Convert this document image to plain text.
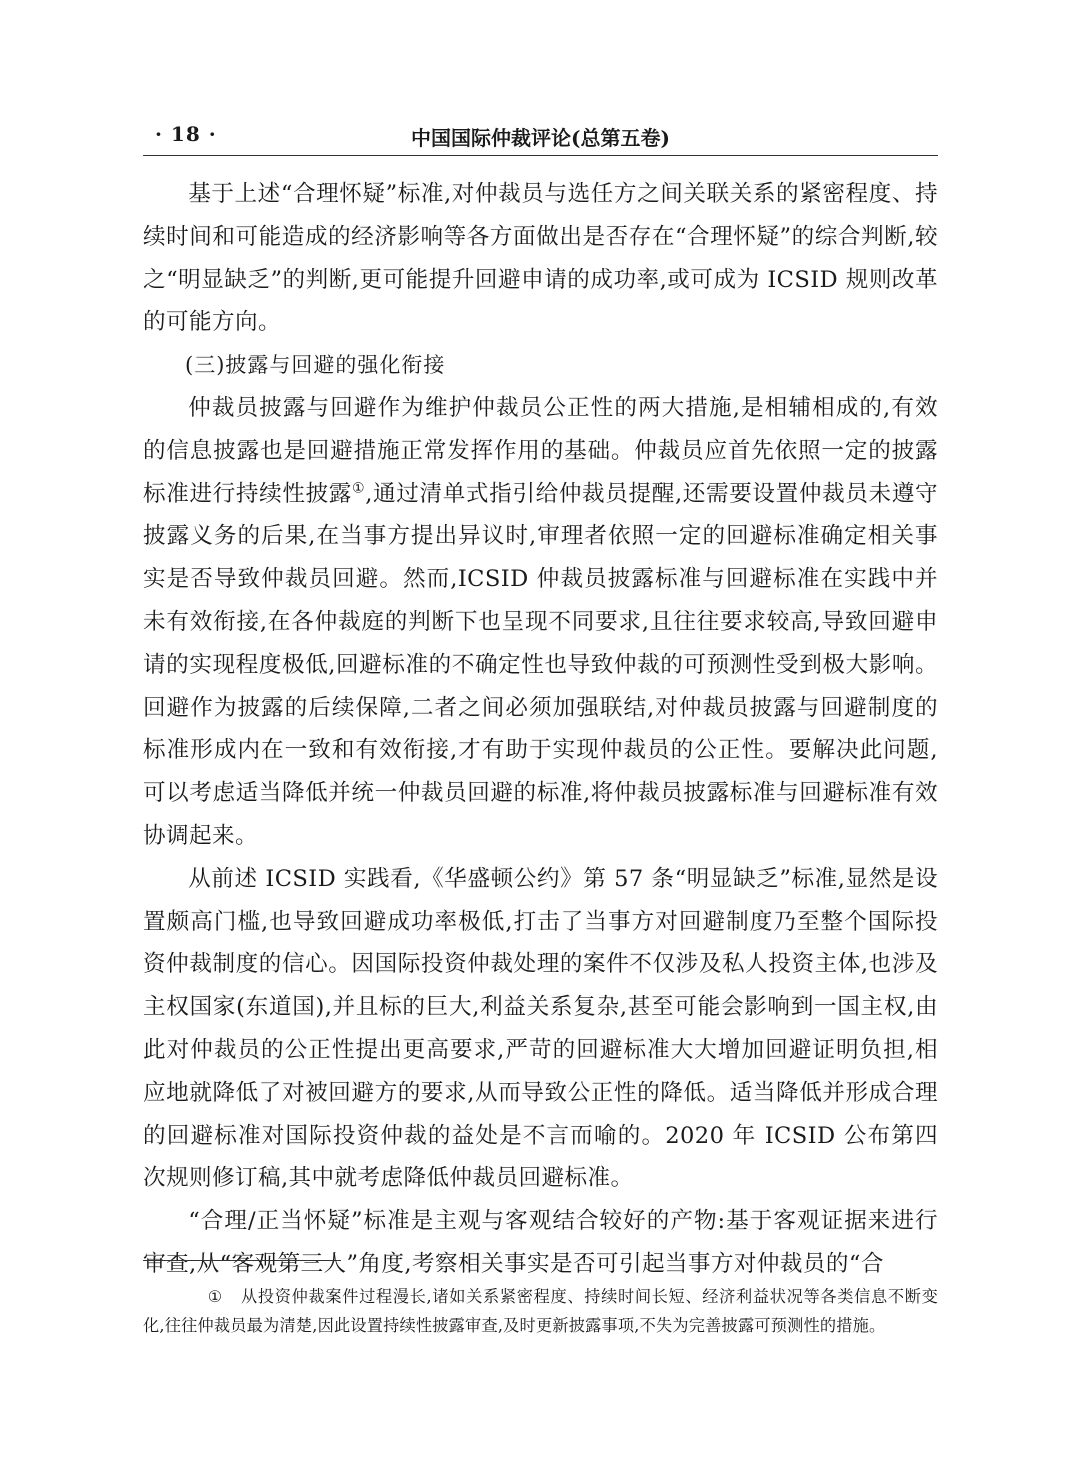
· 18 ·	中国国际仲裁评论(总第五卷)

基于上述“合理怀疑”标准,对仲裁员与选任方之间关联关系的紧密程度、持续时间和可能造成的经济影响等各方面做出是否存在“合理怀疑”的综合判断,较之“明显缺乏”的判断,更可能提升回避申请的成功率,或可成为 ICSID 规则改革的可能方向。

(三)披露与回避的强化衔接

仲裁员披露与回避作为维护仲裁员公正性的两大措施,是相辅相成的,有效的信息披露也是回避措施正常发挥作用的基础。仲裁员应首先依照一定的披露标准进行持续性披露①,通过清单式指引给仲裁员提醒,还需要设置仲裁员未遵守披露义务的后果,在当事方提出异议时,审理者依照一定的回避标准确定相关事实是否导致仲裁员回避。然而,ICSID 仲裁员披露标准与回避标准在实践中并未有效衔接,在各仲裁庭的判断下也呈现不同要求,且往往要求较高,导致回避申请的实现程度极低,回避标准的不确定性也导致仲裁的可预测性受到极大影响。回避作为披露的后续保障,二者之间必须加强联结,对仲裁员披露与回避制度的标准形成内在一致和有效衔接,才有助于实现仲裁员的公正性。要解决此问题,可以考虑适当降低并统一仲裁员回避的标准,将仲裁员披露标准与回避标准有效协调起来。

从前述 ICSID 实践看,《华盛顿公约》第 57 条“明显缺乏”标准,显然是设置颇高门槛,也导致回避成功率极低,打击了当事方对回避制度乃至整个国际投资仲裁制度的信心。因国际投资仲裁处理的案件不仅涉及私人投资主体,也涉及主权国家(东道国),并且标的巨大,利益关系复杂,甚至可能会影响到一国主权,由此对仲裁员的公正性提出更高要求,严苛的回避标准大大增加回避证明负担,相应地就降低了对被回避方的要求,从而导致公正性的降低。适当降低并形成合理的回避标准对国际投资仲裁的益处是不言而喻的。2020 年 ICSID 公布第四次规则修订稿,其中就考虑降低仲裁员回避标准。

“合理/正当怀疑”标准是主观与客观结合较好的产物:基于客观证据来进行审查,从“客观第三人”角度,考察相关事实是否可引起当事方对仲裁员的“合

① 从投资仲裁案件过程漫长,诸如关系紧密程度、持续时间长短、经济利益状况等各类信息不断变化,往往仲裁员最为清楚,因此设置持续性披露审查,及时更新披露事项,不失为完善披露可预测性的措施。
